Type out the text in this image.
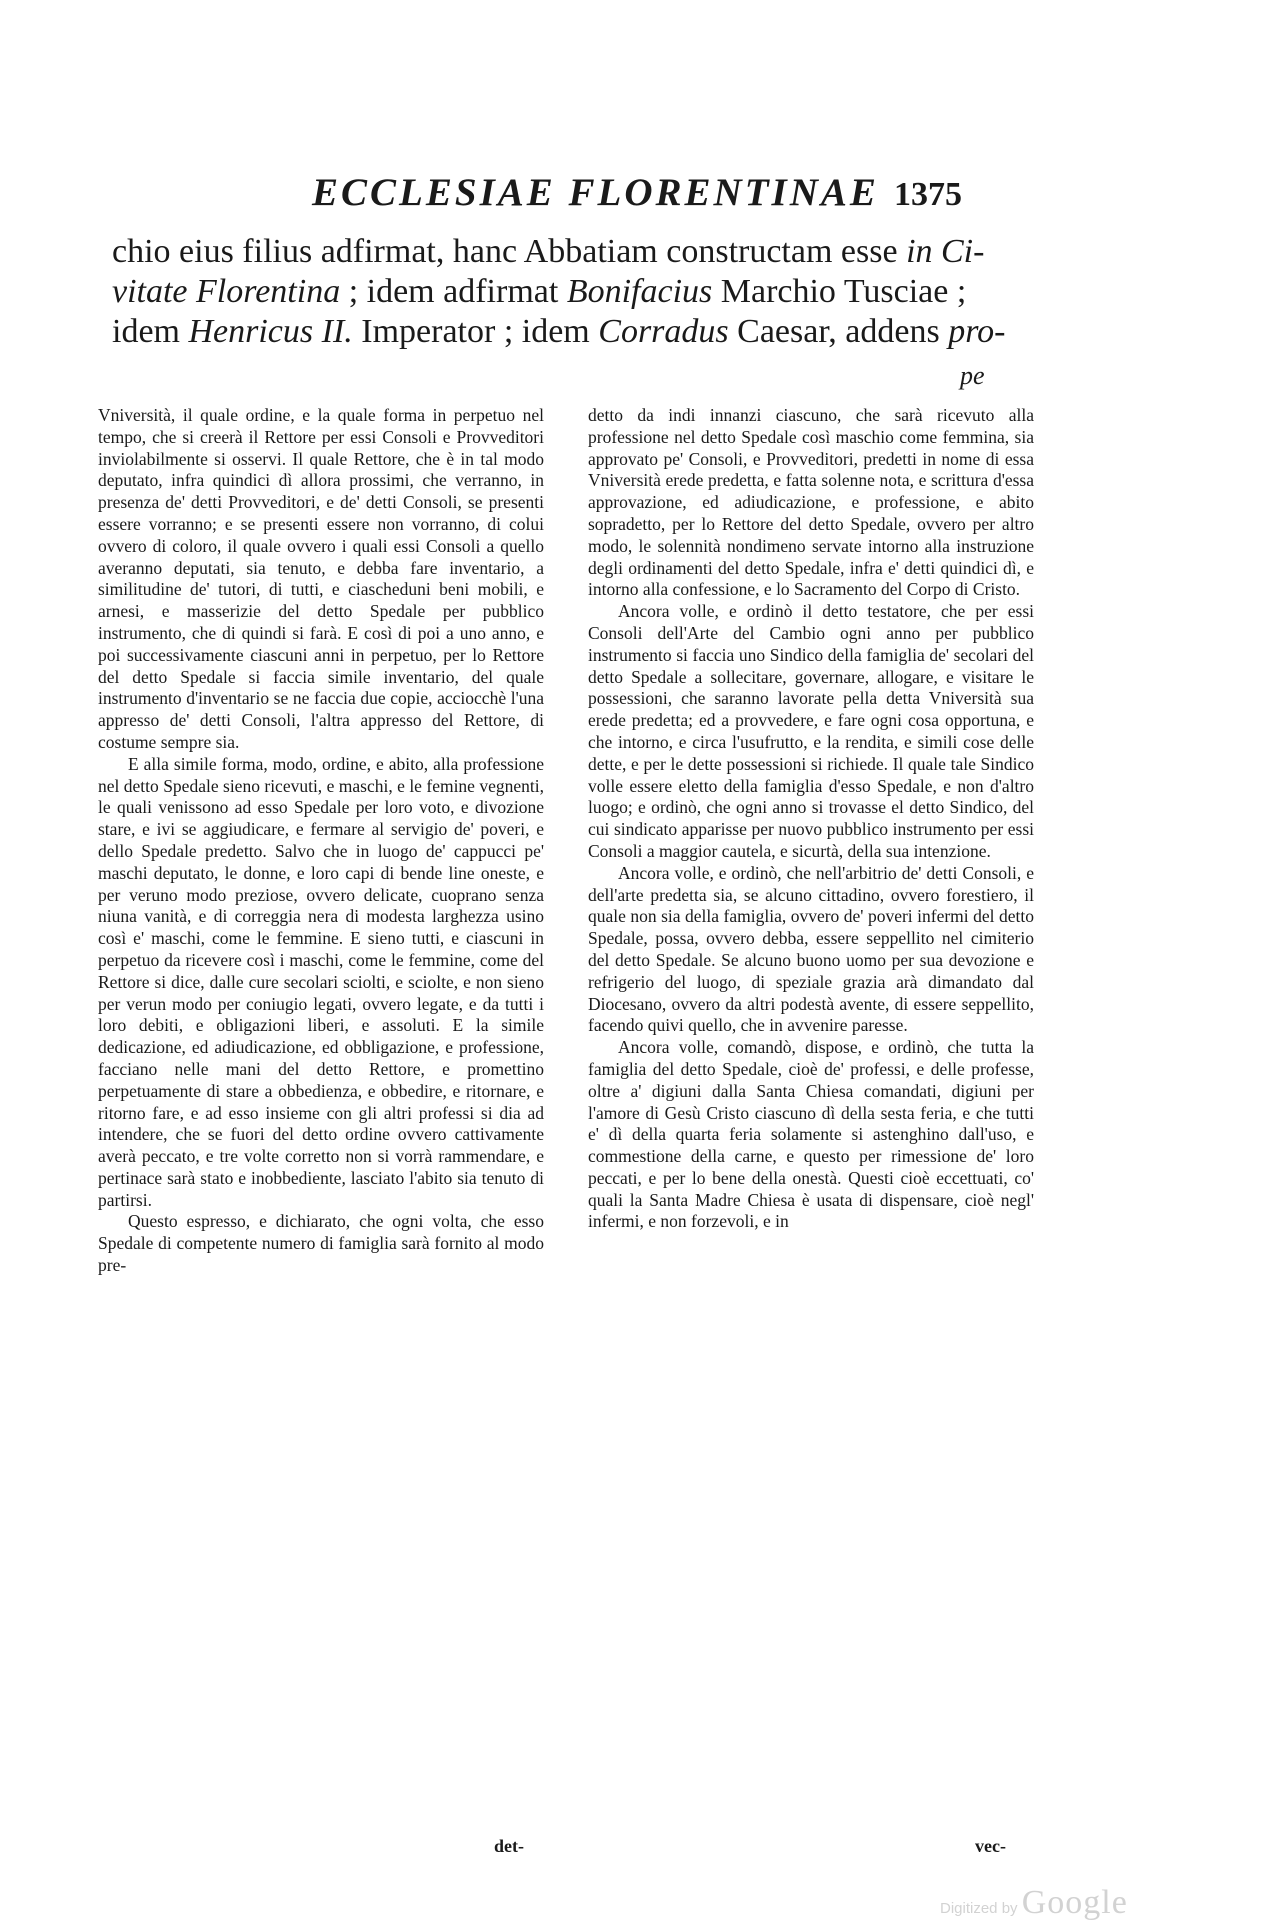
ECCLESIAE FLORENTINAE 1375
chio eius filius adfirmat, hanc Abbatiam constructam esse in Ci-
vitate Florentina ; idem adfirmat Bonifacius Marchio Tusciae ;
idem Henricus II. Imperator ; idem Corradus Caesar, addens pro-
pe

Vniversità, il quale ordine, e la quale forma in perpetuo nel tempo, che si creerà il Rettore per essi Consoli e Provveditori inviolabilmente si osservi. Il quale Rettore, che è in tal modo deputato, infra quindici dì allora prossimi, che verranno, in presenza de' detti Provveditori, e de' detti Consoli, se presenti essere vorranno; e se presenti essere non vorranno, di colui ovvero di coloro, il quale ovvero i quali essi Consoli a quello averanno deputati, sia tenuto, e debba fare inventario, a similitudine de' tutori, di tutti, e ciascheduni beni mobili, e arnesi, e masserizie del detto Spedale per pubblico instrumento, che di quindi si farà. E così di poi a uno anno, e poi successivamente ciascuni anni in perpetuo, per lo Rettore del detto Spedale si faccia simile inventario, del quale instrumento d'inventario se ne faccia due copie, acciocchè l'una appresso de' detti Consoli, l'altra appresso del Rettore, di costume sempre sia.

E alla simile forma, modo, ordine, e abito, alla professione nel detto Spedale sieno ricevuti, e maschi, e le femine vegnenti, le quali venissono ad esso Spedale per loro voto, e divozione stare, e ivi se aggiudicare, e fermare al servigio de' poveri, e dello Spedale predetto. Salvo che in luogo de' cappucci pe' maschi deputato, le donne, e loro capi di bende line oneste, e per veruno modo preziose, ovvero delicate, cuoprano senza niuna vanità, e di correggia nera di modesta larghezza usino così e' maschi, come le femmine. E sieno tutti, e ciascuni in perpetuo da ricevere così i maschi, come le femmine, come del Rettore si dice, dalle cure secolari sciolti, e sciolte, e non sieno per verun modo per coniugio legati, ovvero legate, e da tutti i loro debiti, e obligazioni liberi, e assoluti. E la simile dedicazione, ed adiudicazione, ed obbligazione, e professione, facciano nelle mani del detto Rettore, e promettino perpetuamente di stare a obbedienza, e obbedire, e ritornare, e ritorno fare, e ad esso insieme con gli altri professi si dia ad intendere, che se fuori del detto ordine ovvero cattivamente averà peccato, e tre volte corretto non si vorrà rammendare, e pertinace sarà stato e inobbediente, lasciato l'abito sia tenuto di partirsi.

Questo espresso, e dichiarato, che ogni volta, che esso Spedale di competente numero di famiglia sarà fornito al modo pre-

det-

detto da indi innanzi ciascuno, che sarà ricevuto alla professione nel detto Spedale così maschio come femmina, sia approvato pe' Consoli, e Provveditori, predetti in nome di essa Vniversità erede predetta, e fatta solenne nota, e scrittura d'essa approvazione, ed adiudicazione, e professione, e abito sopradetto, per lo Rettore del detto Spedale, ovvero per altro modo, le solennità nondimeno servate intorno alla instruzione degli ordinamenti del detto Spedale, infra e' detti quindici dì, e intorno alla confessione, e lo Sacramento del Corpo di Cristo.

Ancora volle, e ordinò il detto testatore, che per essi Consoli dell'Arte del Cambio ogni anno per pubblico instrumento si faccia uno Sindico della famiglia de' secolari del detto Spedale a sollecitare, governare, allogare, e visitare le possessioni, che saranno lavorate pella detta Vniversità sua erede predetta; ed a provvedere, e fare ogni cosa opportuna, e che intorno, e circa l'usufrutto, e la rendita, e simili cose delle dette, e per le dette possessioni si richiede. Il quale tale Sindico volle essere eletto della famiglia d'esso Spedale, e non d'altro luogo; e ordinò, che ogni anno si trovasse el detto Sindico, del cui sindicato apparisse per nuovo pubblico instrumento per essi Consoli a maggior cautela, e sicurtà, della sua intenzione.

Ancora volle, e ordinò, che nell'arbitrio de' detti Consoli, e dell'arte predetta sia, se alcuno cittadino, ovvero forestiero, il quale non sia della famiglia, ovvero de' poveri infermi del detto Spedale, possa, ovvero debba, essere seppellito nel cimiterio del detto Spedale. Se alcuno buono uomo per sua devozione e refrigerio del luogo, di speziale grazia arà dimandato dal Diocesano, ovvero da altri podestà avente, di essere seppellito, facendo quivi quello, che in avvenire paresse.

Ancora volle, comandò, dispose, e ordinò, che tutta la famiglia del detto Spedale, cioè de' professi, e delle professe, oltre a' digiuni dalla Santa Chiesa comandati, digiuni per l'amore di Gesù Cristo ciascuno dì della sesta feria, e che tutti e' dì della quarta feria solamente si astenghino dall'uso, e commestione della carne, e questo per rimessione de' loro peccati, e per lo bene della onestà. Questi cioè eccettuati, co' quali la Santa Madre Chiesa è usata di dispensare, cioè negl' infermi, e non forzevoli, e in

vec-
Digitized by Google
